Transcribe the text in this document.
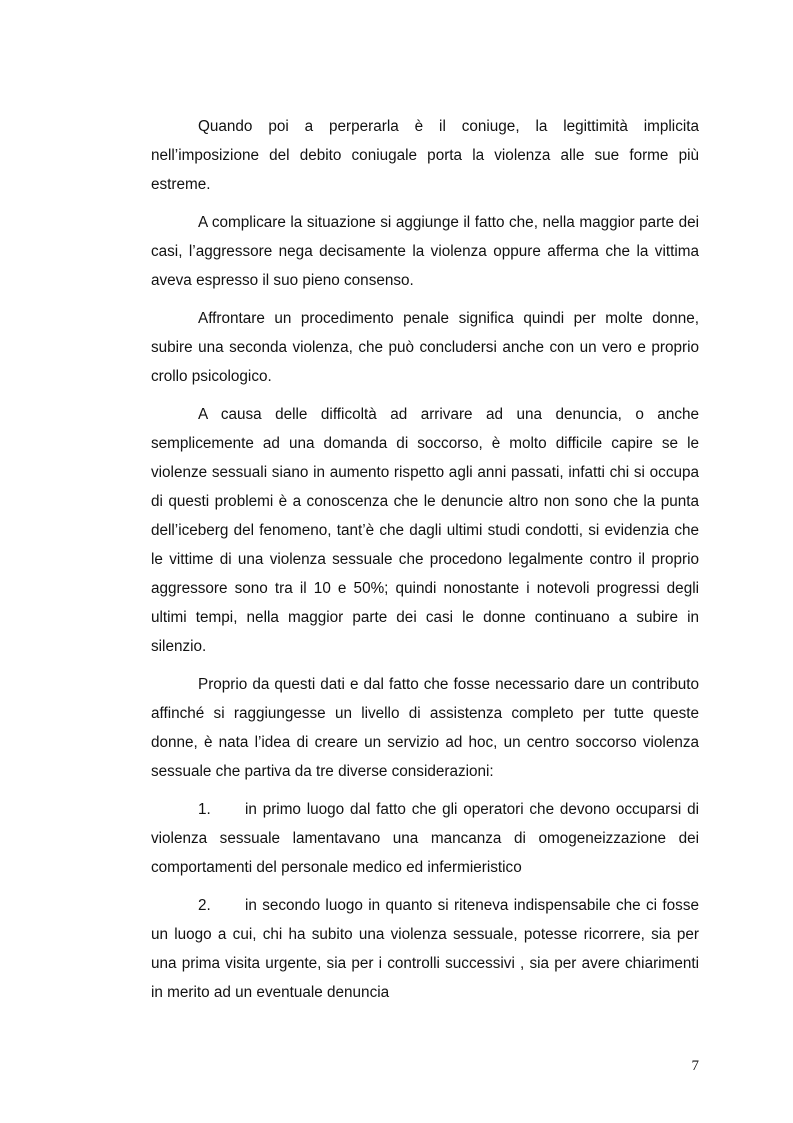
Quando poi a perperarla è il coniuge, la legittimità implicita nell’imposizione del debito coniugale porta la violenza alle sue forme più estreme.

A complicare la situazione si aggiunge il fatto che, nella maggior parte dei casi, l’aggressore nega decisamente la violenza oppure afferma che la vittima aveva espresso il suo pieno consenso.

Affrontare un procedimento penale significa quindi per molte donne, subire una seconda violenza, che può concludersi anche con un vero e proprio crollo psicologico.

A causa delle difficoltà ad arrivare ad una denuncia, o anche semplicemente ad una domanda di soccorso, è molto difficile capire se le violenze sessuali siano in aumento rispetto agli anni passati, infatti chi si occupa di questi problemi è a conoscenza che le denuncie altro non sono che la punta dell’iceberg del fenomeno, tant’è che dagli ultimi studi condotti, si evidenzia che le vittime di una violenza sessuale che procedono legalmente contro il proprio aggressore sono tra il 10 e 50%; quindi nonostante i notevoli progressi degli ultimi tempi, nella maggior parte dei casi le donne continuano a subire in silenzio.

Proprio da questi dati e dal fatto che fosse necessario dare un contributo affinché si raggiungesse un livello di assistenza completo per tutte queste donne, è nata l’idea di creare un servizio ad hoc, un centro soccorso violenza sessuale che partiva da tre diverse considerazioni:

1. in primo luogo dal fatto che gli operatori che devono occuparsi di violenza sessuale lamentavano una mancanza di omogeneizzazione dei comportamenti del personale medico ed infermieristico

2. in secondo luogo in quanto si riteneva indispensabile che ci fosse un luogo a cui, chi ha subito una violenza sessuale, potesse ricorrere, sia per una prima visita urgente, sia per i controlli successivi , sia per avere chiarimenti in merito ad un eventuale denuncia

7
